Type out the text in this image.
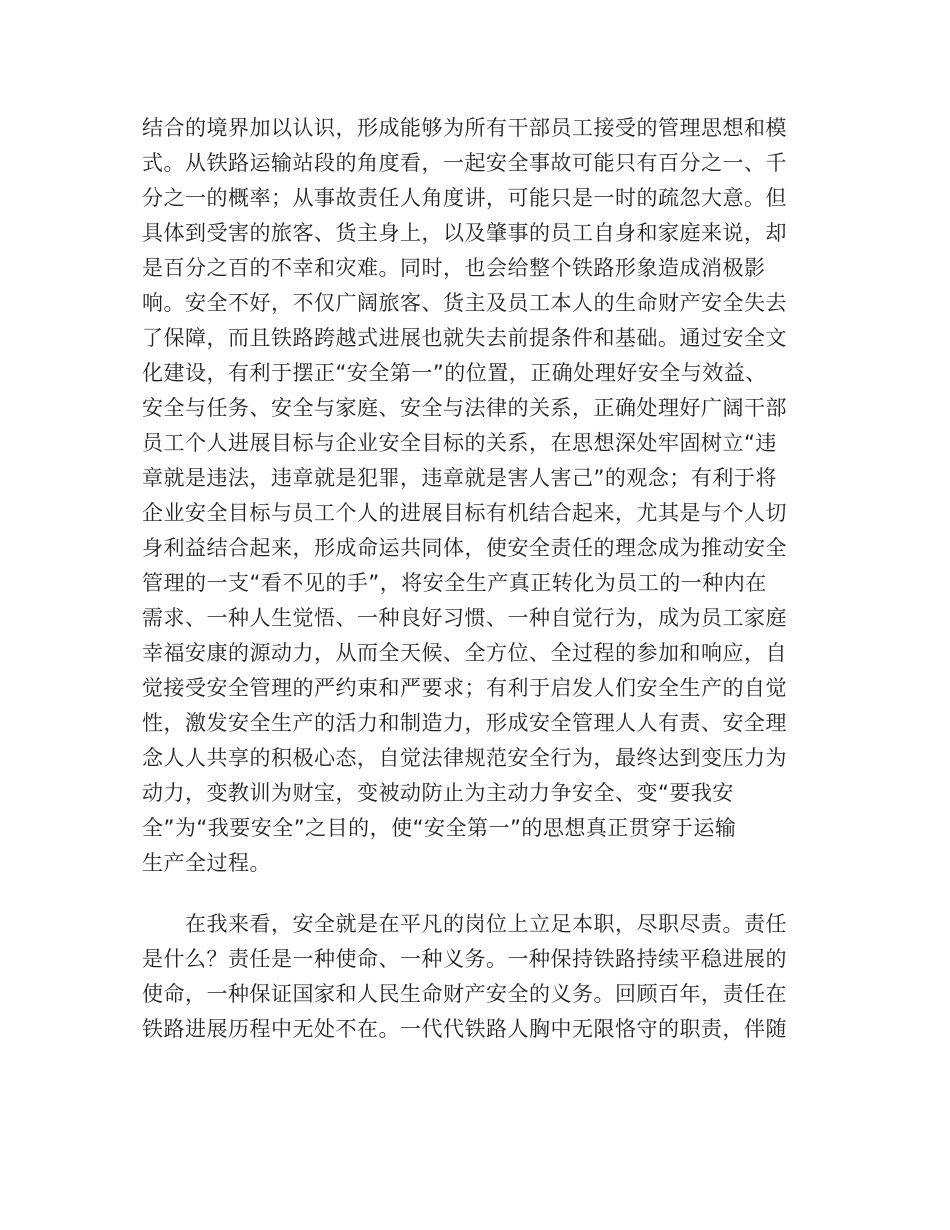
结合的境界加以认识，形成能够为所有干部员工接受的管理思想和模
式。从铁路运输站段的角度看，一起安全事故可能只有百分之一、千
分之一的概率；从事故责任人角度讲，可能只是一时的疏忽大意。但
具体到受害的旅客、货主身上，以及肇事的员工自身和家庭来说，却
是百分之百的不幸和灾难。同时，也会给整个铁路形象造成消极影
响。安全不好，不仅广阔旅客、货主及员工本人的生命财产安全失去
了保障，而且铁路跨越式进展也就失去前提条件和基础。通过安全文
化建设，有利于摆正“安全第一”的位置，正确处理好安全与效益、
安全与任务、安全与家庭、安全与法律的关系，正确处理好广阔干部
员工个人进展目标与企业安全目标的关系，在思想深处牢固树立“违
章就是违法，违章就是犯罪，违章就是害人害己”的观念；有利于将
企业安全目标与员工个人的进展目标有机结合起来，尤其是与个人切
身利益结合起来，形成命运共同体，使安全责任的理念成为推动安全
管理的一支“看不见的手”，将安全生产真正转化为员工的一种内在
需求、一种人生觉悟、一种良好习惯、一种自觉行为，成为员工家庭
幸福安康的源动力，从而全天候、全方位、全过程的参加和响应，自
觉接受安全管理的严约束和严要求；有利于启发人们安全生产的自觉
性，激发安全生产的活力和制造力，形成安全管理人人有责、安全理
念人人共享的积极心态，自觉法律规范安全行为，最终达到变压力为
动力，变教训为财宝，变被动防止为主动力争安全、变“要我安
全”为“我要安全”之目的，使“安全第一”的思想真正贯穿于运输
生产全过程。
在我来看，安全就是在平凡的岗位上立足本职，尽职尽责。责任
是什么？责任是一种使命、一种义务。一种保持铁路持续平稳进展的
使命，一种保证国家和人民生命财产安全的义务。回顾百年，责任在
铁路进展历程中无处不在。一代代铁路人胸中无限恪守的职责，伴随
